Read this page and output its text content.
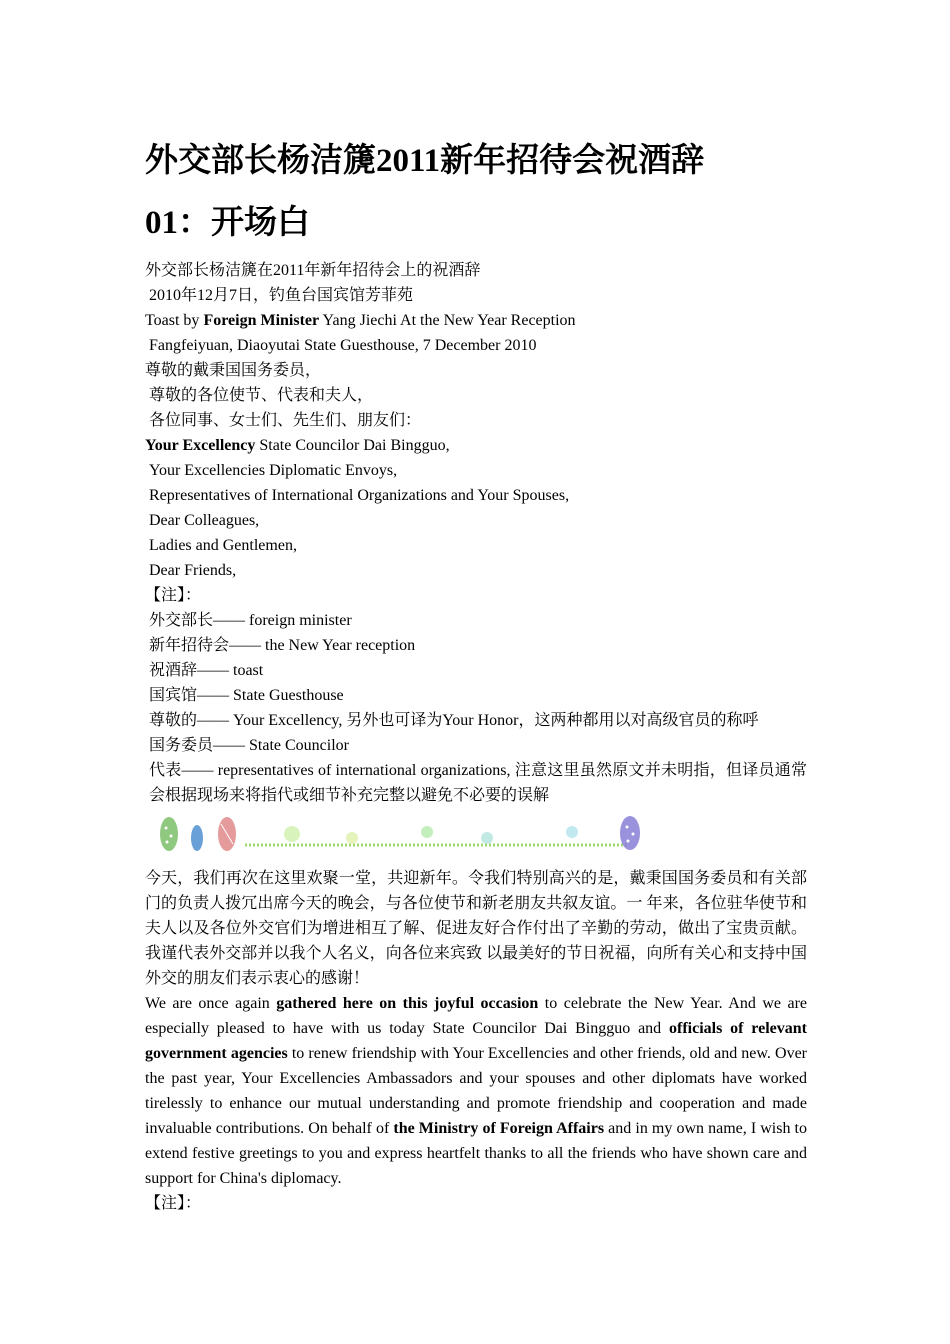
外交部长杨洁篪2011新年招待会祝酒辞
01：开场白
外交部长杨洁篪在2011年新年招待会上的祝酒辞
2010年12月7日，钓鱼台国宾馆芳菲苑
Toast by Foreign Minister Yang Jiechi At the New Year Reception
Fangfeiyuan, Diaoyutai State Guesthouse, 7 December 2010
尊敬的戴秉国国务委员，
尊敬的各位使节、代表和夫人，
各位同事、女士们、先生们、朋友们：
Your Excellency State Councilor Dai Bingguo,
Your Excellencies Diplomatic Envoys,
Representatives of International Organizations and Your Spouses,
Dear Colleagues,
Ladies and Gentlemen,
Dear Friends,
【注】：
外交部长—— foreign minister
新年招待会—— the New Year reception
祝酒辞—— toast
国宾馆—— State Guesthouse
尊敬的—— Your Excellency, 另外也可译为Your Honor，这两种都用以对高级官员的称呼
国务委员—— State Councilor
代表—— representatives of international organizations, 注意这里虽然原文并未明指，但译员通常会根据现场来将指代或细节补充完整以避免不必要的误解
今天，我们再次在这里欢聚一堂，共迎新年。令我们特别高兴的是，戴秉国国务委员和有关部门的负责人拨冗出席今天的晚会，与各位使节和新老朋友共叙友谊。一 年来，各位驻华使节和夫人以及各位外交官们为增进相互了解、促进友好合作付出了辛勤的劳动，做出了宝贵贡献。我谨代表外交部并以我个人名义，向各位来宾致 以最美好的节日祝福，向所有关心和支持中国外交的朋友们表示衷心的感谢！
We are once again gathered here on this joyful occasion to celebrate the New Year. And we are especially pleased to have with us today State Councilor Dai Bingguo and officials of relevant government agencies to renew friendship with Your Excellencies and other friends, old and new. Over the past year, Your Excellencies Ambassadors and your spouses and other diplomats have worked tirelessly to enhance our mutual understanding and promote friendship and cooperation and made invaluable contributions. On behalf of the Ministry of Foreign Affairs and in my own name, I wish to extend festive greetings to you and express heartfelt thanks to all the friends who have shown care and support for China's diplomacy.
【注】：
